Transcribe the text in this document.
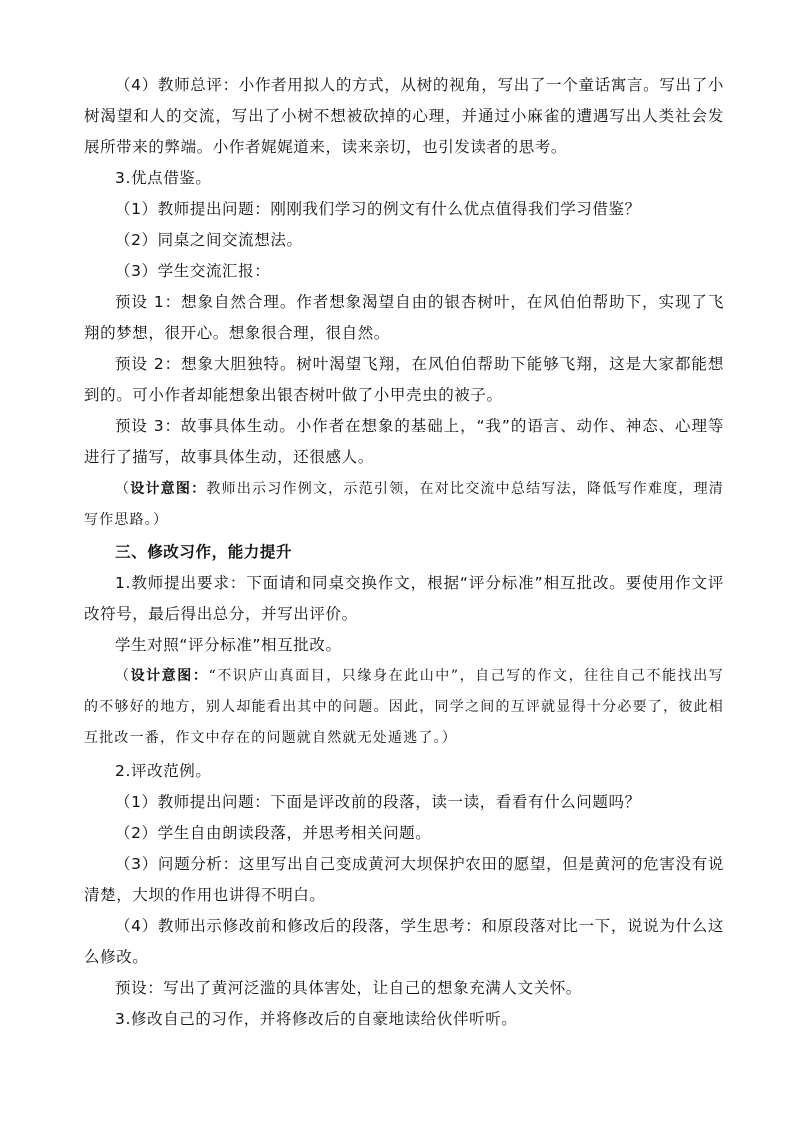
（4）教师总评：小作者用拟人的方式，从树的视角，写出了一个童话寓言。写出了小树渴望和人的交流，写出了小树不想被砍掉的心理，并通过小麻雀的遭遇写出人类社会发展所带来的弊端。小作者娓娓道来，读来亲切，也引发读者的思考。

3.优点借鉴。

（1）教师提出问题：刚刚我们学习的例文有什么优点值得我们学习借鉴？

（2）同桌之间交流想法。

（3）学生交流汇报：

预设 1：想象自然合理。作者想象渴望自由的银杏树叶，在风伯伯帮助下，实现了飞翔的梦想，很开心。想象很合理，很自然。

预设 2：想象大胆独特。树叶渴望飞翔，在风伯伯帮助下能够飞翔，这是大家都能想到的。可小作者却能想象出银杏树叶做了小甲壳虫的被子。

预设 3：故事具体生动。小作者在想象的基础上，“我”的语言、动作、神态、心理等进行了描写，故事具体生动，还很感人。

（设计意图：教师出示习作例文，示范引领，在对比交流中总结写法，降低写作难度，理清写作思路。）

三、修改习作，能力提升

1.教师提出要求：下面请和同桌交换作文，根据“评分标准”相互批改。要使用作文评改符号，最后得出总分，并写出评价。

学生对照“评分标准”相互批改。

（设计意图：“不识庐山真面目，只缘身在此山中”，自己写的作文，往往自己不能找出写的不够好的地方，别人却能看出其中的问题。因此，同学之间的互评就显得十分必要了，彼此相互批改一番，作文中存在的问题就自然就无处遁逃了。）

2.评改范例。

（1）教师提出问题：下面是评改前的段落，读一读，看看有什么问题吗？

（2）学生自由朗读段落，并思考相关问题。

（3）问题分析：这里写出自己变成黄河大坝保护农田的愿望，但是黄河的危害没有说清楚，大坝的作用也讲得不明白。

（4）教师出示修改前和修改后的段落，学生思考：和原段落对比一下，说说为什么这么修改。

预设：写出了黄河泛滥的具体害处，让自己的想象充满人文关怀。

3.修改自己的习作，并将修改后的自豪地读给伙伴听听。
